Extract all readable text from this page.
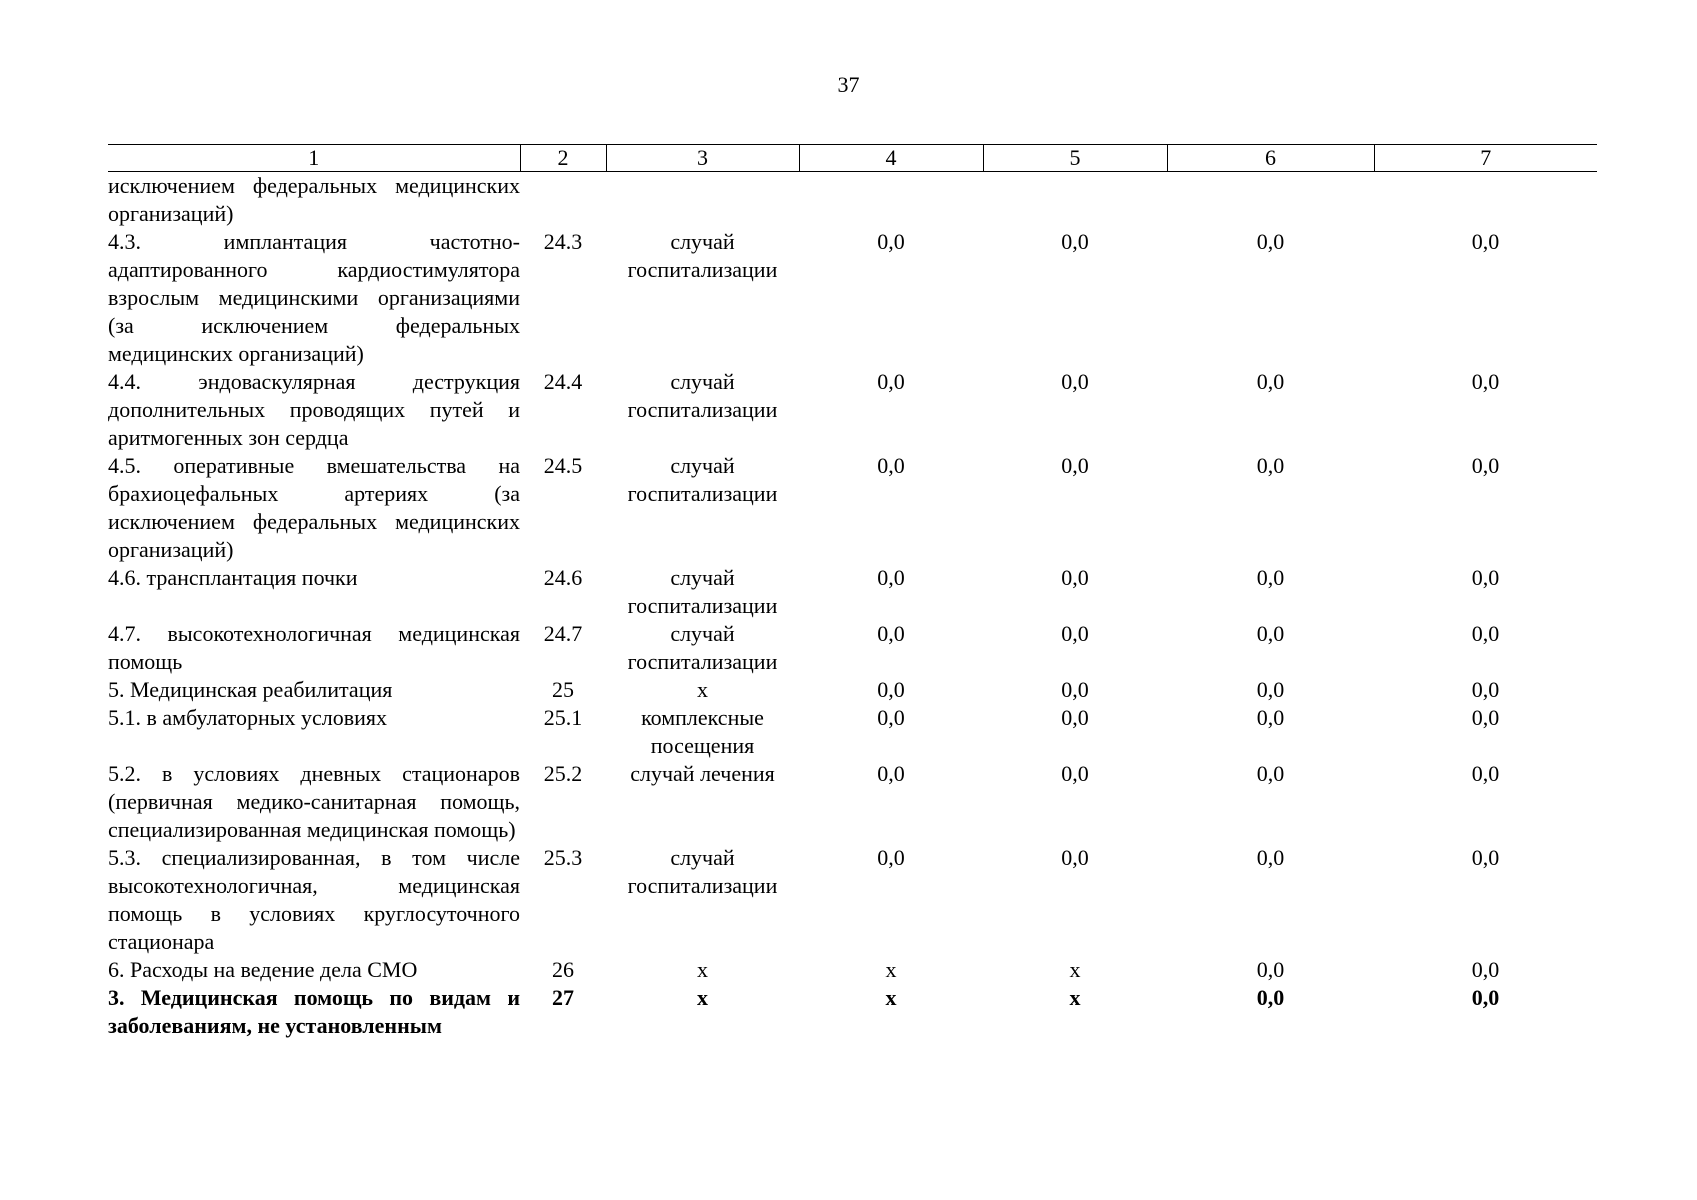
37
1	2	3	4	5	6	7
исключением федеральных медицинских организаций)						
4.3. имплантация частотно-адаптированного кардиостимулятора взрослым медицинскими организациями (за исключением федеральных медицинских организаций)	24.3	случай госпитализации	0,0	0,0	0,0	0,0
4.4. эндоваскулярная деструкция дополнительных проводящих путей и аритмогенных зон сердца	24.4	случай госпитализации	0,0	0,0	0,0	0,0
4.5. оперативные вмешательства на брахиоцефальных артериях (за исключением федеральных медицинских организаций)	24.5	случай госпитализации	0,0	0,0	0,0	0,0
4.6. трансплантация почки	24.6	случай госпитализации	0,0	0,0	0,0	0,0
4.7. высокотехнологичная медицинская помощь	24.7	случай госпитализации	0,0	0,0	0,0	0,0
5. Медицинская реабилитация	25	х	0,0	0,0	0,0	0,0
5.1. в амбулаторных условиях	25.1	комплексные посещения	0,0	0,0	0,0	0,0
5.2. в условиях дневных стационаров (первичная медико-санитарная помощь, специализированная медицинская помощь)	25.2	случай лечения	0,0	0,0	0,0	0,0
5.3. специализированная, в том числе высокотехнологичная, медицинская помощь в условиях круглосуточного стационара	25.3	случай госпитализации	0,0	0,0	0,0	0,0
6. Расходы на ведение дела СМО	26	х	х	х	0,0	0,0
3. Медицинская помощь по видам и заболеваниям, не установленным	27	х	х	х	0,0	0,0
